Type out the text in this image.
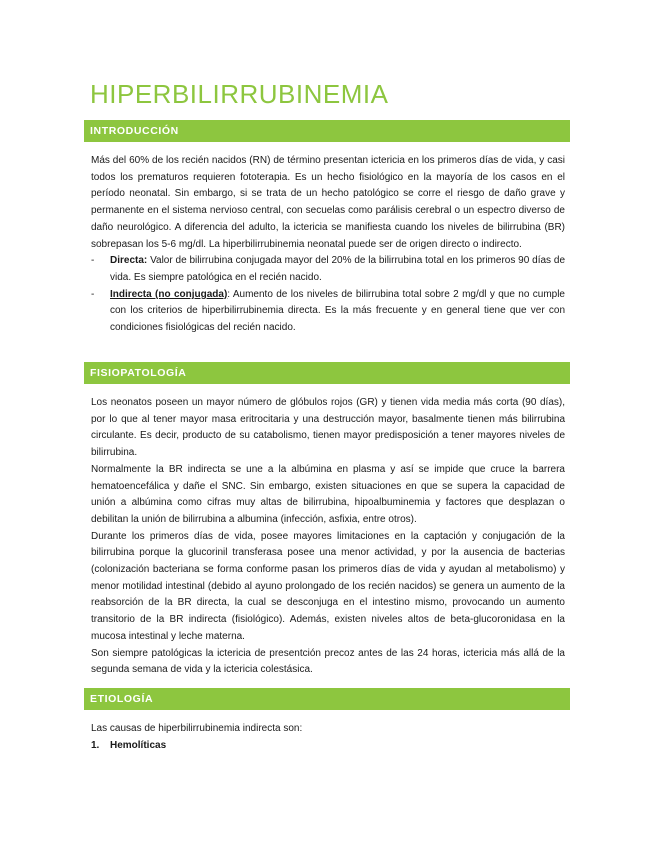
HIPERBILIRRUBINEMIA
INTRODUCCIÓN

Más del 60% de los recién nacidos (RN) de término presentan ictericia en los primeros días de vida, y casi todos los prematuros requieren fototerapia. Es un hecho fisiológico en la mayoría de los casos en el período neonatal. Sin embargo, si se trata de un hecho patológico se corre el riesgo de daño grave y permanente en el sistema nervioso central, con secuelas como parálisis cerebral o un espectro diverso de daño neurológico. A diferencia del adulto, la ictericia se manifiesta cuando los niveles de bilirrubina (BR) sobrepasan los 5-6 mg/dl. La hiperbilirrubinemia neonatal puede ser de origen directo o indirecto.

- Directa: Valor de bilirrubina conjugada mayor del 20% de la bilirrubina total en los primeros 90 días de vida. Es siempre patológica en el recién nacido.
- Indirecta (no conjugada): Aumento de los niveles de bilirrubina total sobre 2 mg/dl y que no cumple con los criterios de hiperbilirrubinemia directa. Es la más frecuente y en general tiene que ver con condiciones fisiológicas del recién nacido.
FISIOPATOLOGÍA

Los neonatos poseen un mayor número de glóbulos rojos (GR) y tienen vida media más corta (90 días), por lo que al tener mayor masa eritrocitaria y una destrucción mayor, basalmente tienen más bilirrubina circulante. Es decir, producto de su catabolismo, tienen mayor predisposición a tener mayores niveles de bilirrubina.

Normalmente la BR indirecta se une a la albúmina en plasma y así se impide que cruce la barrera hematoencefálica y dañe el SNC. Sin embargo, existen situaciones en que se supera la capacidad de unión a albúmina como cifras muy altas de bilirrubina, hipoalbuminemia y factores que desplazan o debilitan la unión de bilirrubina a albumina (infección, asfixia, entre otros).

Durante los primeros días de vida, posee mayores limitaciones en la captación y conjugación de la bilirrubina porque la glucorinil transferasa posee una menor actividad, y por la ausencia de bacterias (colonización bacteriana se forma conforme pasan los primeros días de vida y ayudan al metabolismo) y menor motilidad intestinal (debido al ayuno prolongado de los recién nacidos) se genera un aumento de la reabsorción de la BR directa, la cual se desconjuga en el intestino mismo, provocando un aumento transitorio de la BR indirecta (fisiológico). Además, existen niveles altos de beta-glucoronidasa en la mucosa intestinal y leche materna.

Son siempre patológicas la ictericia de presentción precoz antes de las 24 horas, ictericia más allá de la segunda semana de vida y la ictericia colestásica.

ETIOLOGÍA

Las causas de hiperbilirrubinemia indirecta son:

1. Hemolíticas
